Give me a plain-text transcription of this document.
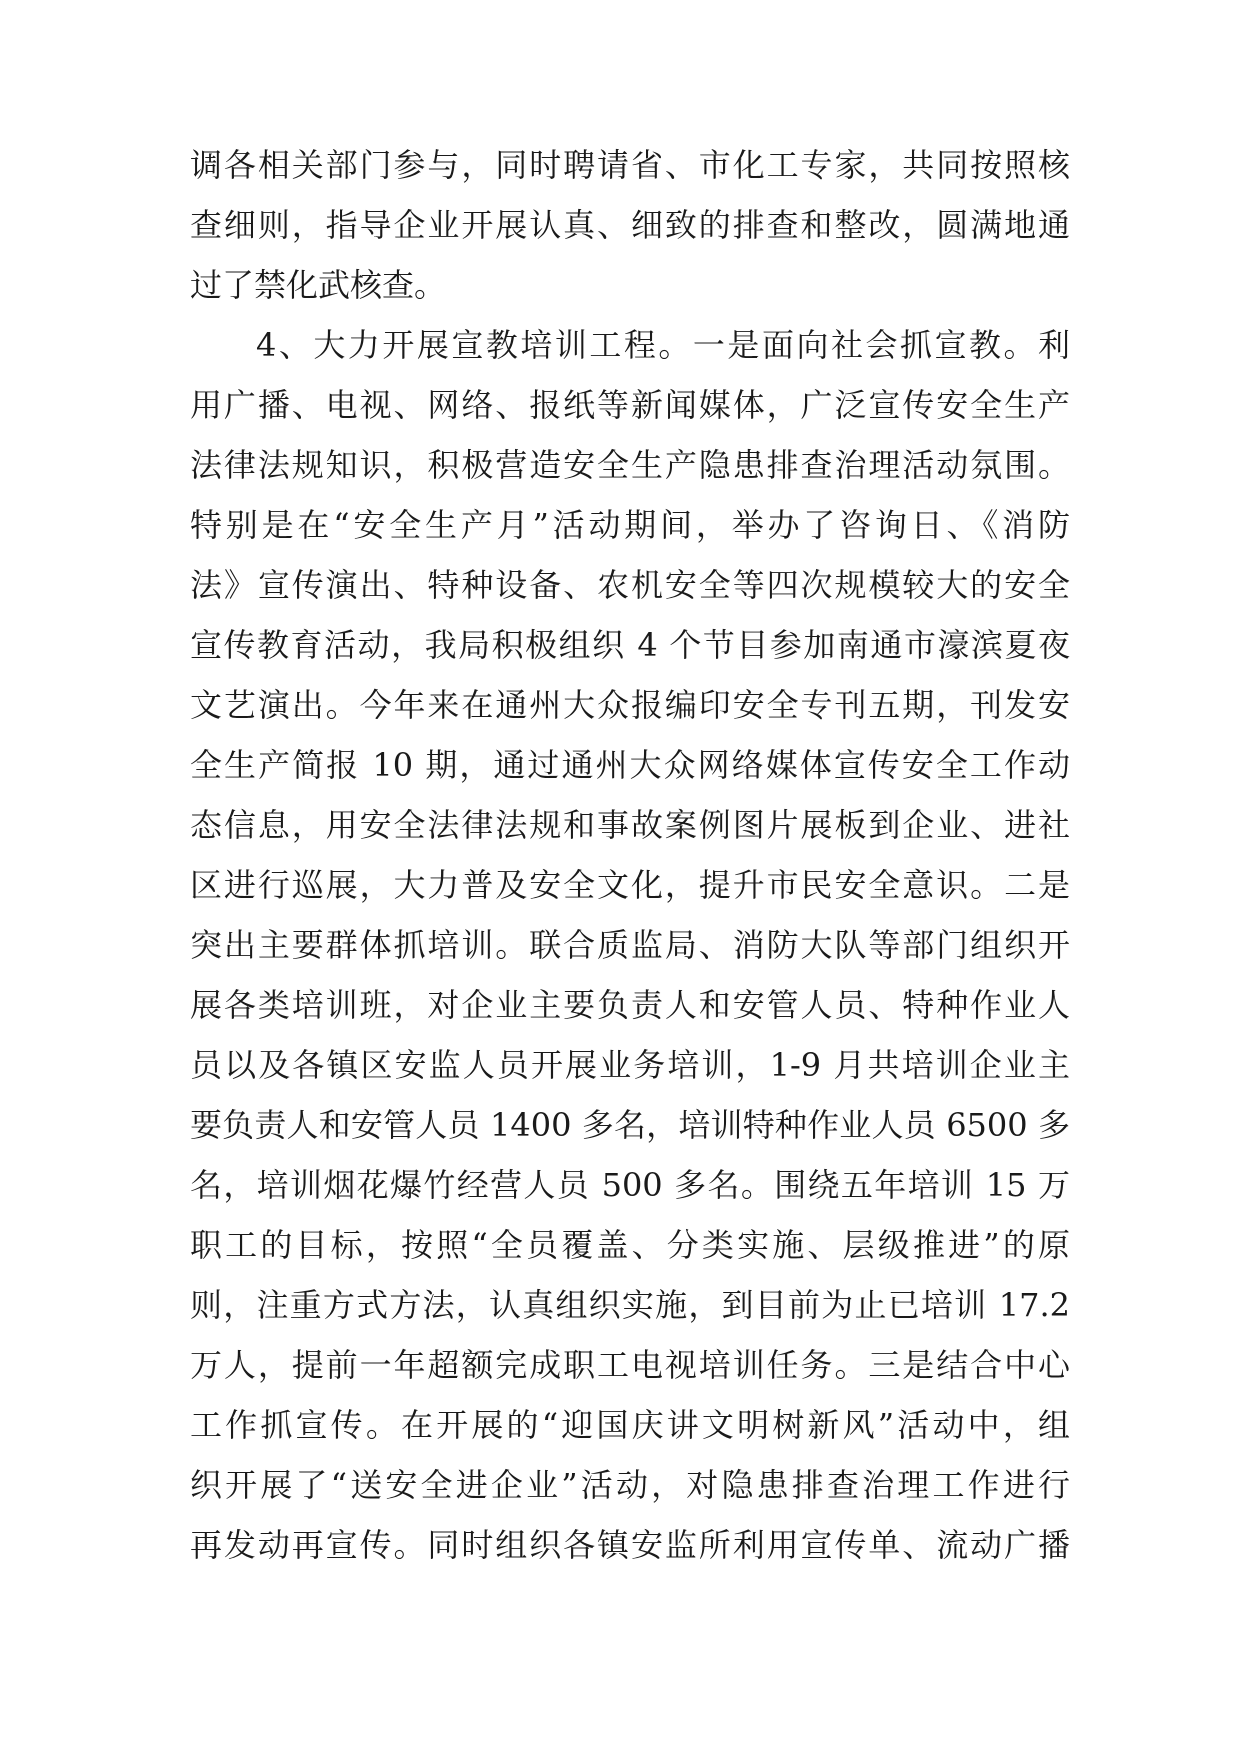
调各相关部门参与，同时聘请省、市化工专家，共同按照核
查细则，指导企业开展认真、细致的排查和整改，圆满地通
过了禁化武核查。
4、大力开展宣教培训工程。一是面向社会抓宣教。利
用广播、电视、网络、报纸等新闻媒体，广泛宣传安全生产
法律法规知识，积极营造安全生产隐患排查治理活动氛围。
特别是在“安全生产月”活动期间，举办了咨询日、《消防
法》宣传演出、特种设备、农机安全等四次规模较大的安全
宣传教育活动，我局积极组织 4 个节目参加南通市濠滨夏夜
文艺演出。今年来在通州大众报编印安全专刊五期，刊发安
全生产简报 10 期，通过通州大众网络媒体宣传安全工作动
态信息，用安全法律法规和事故案例图片展板到企业、进社
区进行巡展，大力普及安全文化，提升市民安全意识。二是
突出主要群体抓培训。联合质监局、消防大队等部门组织开
展各类培训班，对企业主要负责人和安管人员、特种作业人
员以及各镇区安监人员开展业务培训，1-9 月共培训企业主
要负责人和安管人员 1400 多名，培训特种作业人员 6500 多
名，培训烟花爆竹经营人员 500 多名。围绕五年培训 15 万
职工的目标，按照“全员覆盖、分类实施、层级推进”的原
则，注重方式方法，认真组织实施，到目前为止已培训 17.2
万人，提前一年超额完成职工电视培训任务。三是结合中心
工作抓宣传。在开展的“迎国庆讲文明树新风”活动中，组
织开展了“送安全进企业”活动，对隐患排查治理工作进行
再发动再宣传。同时组织各镇安监所利用宣传单、流动广播
